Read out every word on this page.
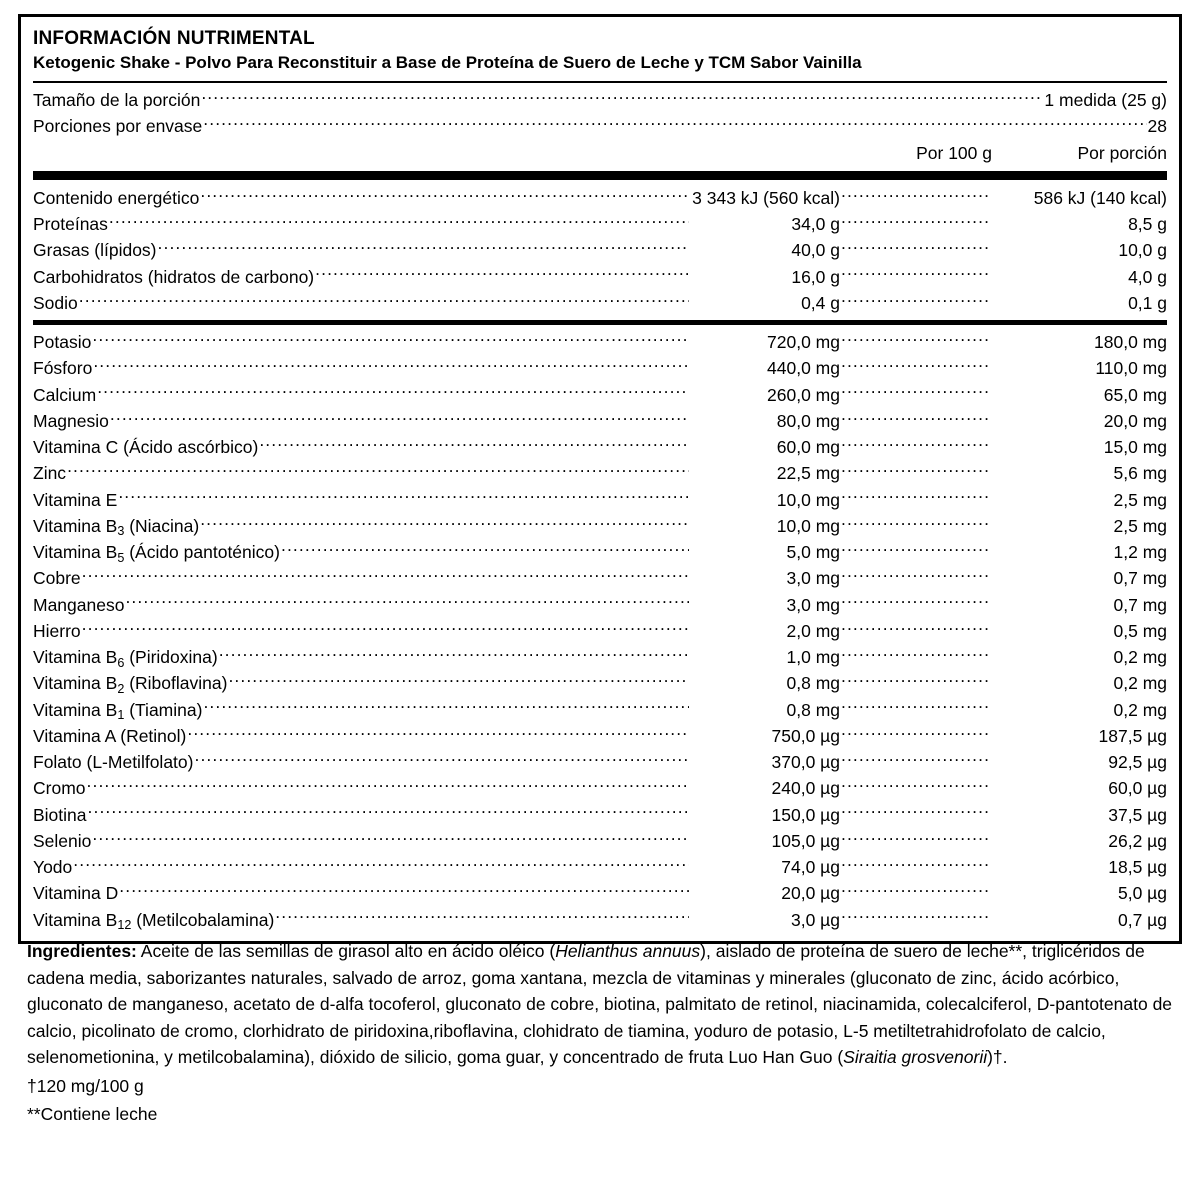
INFORMACIÓN NUTRIMENTAL
Ketogenic Shake - Polvo Para Reconstituir a Base de Proteína de Suero de Leche y TCM Sabor Vainilla
Tamaño de la porción .....	1 medida (25 g)
Porciones por envase .....	28
Por 100 g	Por porción
Contenido energético .....	3 343 kJ (560 kcal) .....	586 kJ (140 kcal)
Proteínas .....	34,0 g .....	8,5 g
Grasas (lípidos) .....	40,0 g .....	10,0 g
Carbohidratos (hidratos de carbono) .....	16,0 g .....	4,0 g
Sodio .....	0,4 g .....	0,1 g
Potasio .....	720,0 mg .....	180,0 mg
Fósforo .....	440,0 mg .....	110,0 mg
Calcium .....	260,0 mg .....	65,0 mg
Magnesio .....	80,0 mg .....	20,0 mg
Vitamina C (Ácido ascórbico) .....	60,0 mg .....	15,0 mg
Zinc .....	22,5 mg .....	5,6 mg
Vitamina E .....	10,0 mg .....	2,5 mg
Vitamina $B_3$ (Niacina) .....	10,0 mg .....	2,5 mg
Vitamina $B_5$ (Ácido pantoténico) .....	5,0 mg .....	1,2 mg
Cobre .....	3,0 mg .....	0,7 mg
Manganeso .....	3,0 mg .....	0,7 mg
Hierro .....	2,0 mg .....	0,5 mg
Vitamina $B_6$ (Piridoxina) .....	1,0 mg .....	0,2 mg
Vitamina $B_2$ (Riboflavina) .....	0,8 mg .....	0,2 mg
Vitamina $B_1$ (Tiamina) .....	0,8 mg .....	0,2 mg
Vitamina A (Retinol) .....	750,0 µg .....	187,5 µg
Folato (L-Metilfolato) .....	370,0 µg .....	92,5 µg
Cromo .....	240,0 µg .....	60,0 µg
Biotina .....	150,0 µg .....	37,5 µg
Selenio .....	105,0 µg .....	26,2 µg
Yodo .....	74,0 µg .....	18,5 µg
Vitamina D .....	20,0 µg .....	5,0 µg
Vitamina $B_{12}$ (Metilcobalamina) .....	3,0 µg .....	0,7 µg

Ingredientes: Aceite de las semillas de girasol alto en ácido oléico (Helianthus annuus), aislado de proteína de suero de leche**, triglicéridos de cadena media, saborizantes naturales, salvado de arroz, goma xantana, mezcla de vitaminas y minerales (gluconato de zinc, ácido acórbico, gluconato de manganeso, acetato de d-alfa tocoferol, gluconato de cobre, biotina, palmitato de retinol, niacinamida, colecalciferol, D-pantotenato de calcio, picolinato de cromo, clorhidrato de piridoxina,riboflavina, clohidrato de tiamina, yoduro de potasio, L-5 metiltetrahidrofolato de calcio, selenometionina, y metilcobalamina), dióxido de silicio, goma guar, y concentrado de fruta Luo Han Guo (Siraitia grosvenorii)†.

†120 mg/100 g
**Contiene leche
